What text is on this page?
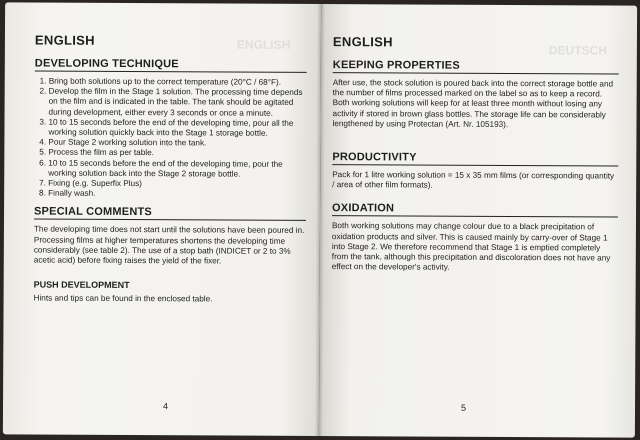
ENGLISH
ENGLISH
DEVELOPING TECHNIQUE
1. Bring both solutions up to the correct temperature (20°C / 68°F).
2. Develop the film in the Stage 1 solution. The processing time depends on the film and is indicated in the table. The tank should be agitated during development, either every 3 seconds or once a minute.
3. 10 to 15 seconds before the end of the developing time, pour all the working solution quickly back into the Stage 1 storage bottle.
4. Pour Stage 2 working solution into the tank.
5. Process the film as per table.
6. 10 to 15 seconds before the end of the developing time, pour the working solution back into the Stage 2 storage bottle.
7. Fixing (e.g. Superfix Plus)
8. Finally wash.
SPECIAL COMMENTS

The developing time does not start until the solutions have been poured in. Processing films at higher temperatures shortens the developing time considerably (see table 2). The use of a stop bath (INDICET or 2 to 3% acetic acid) before fixing raises the yield of the fixer.

PUSH DEVELOPMENT

Hints and tips can be found in the enclosed table.

4
DEUTSCH
ENGLISH
KEEPING PROPERTIES

After use, the stock solution is poured back into the correct storage bottle and the number of films processed marked on the label so as to keep a record. Both working solutions will keep for at least three month without losing any activity if stored in brown glass bottles. The storage life can be considerably lengthened by using Protectan (Art. Nr. 105193).

PRODUCTIVITY

Pack for 1 litre working solution = 15 x 35 mm films (or corresponding quantity / area of other film formats).

OXIDATION

Both working solutions may change colour due to a black precipitation of oxidation products and silver. This is caused mainly by carry-over of Stage 1 into Stage 2. We therefore recommend that Stage 1 is emptied completely from the tank, although this precipitation and discoloration does not have any effect on the developer's activity.

5
